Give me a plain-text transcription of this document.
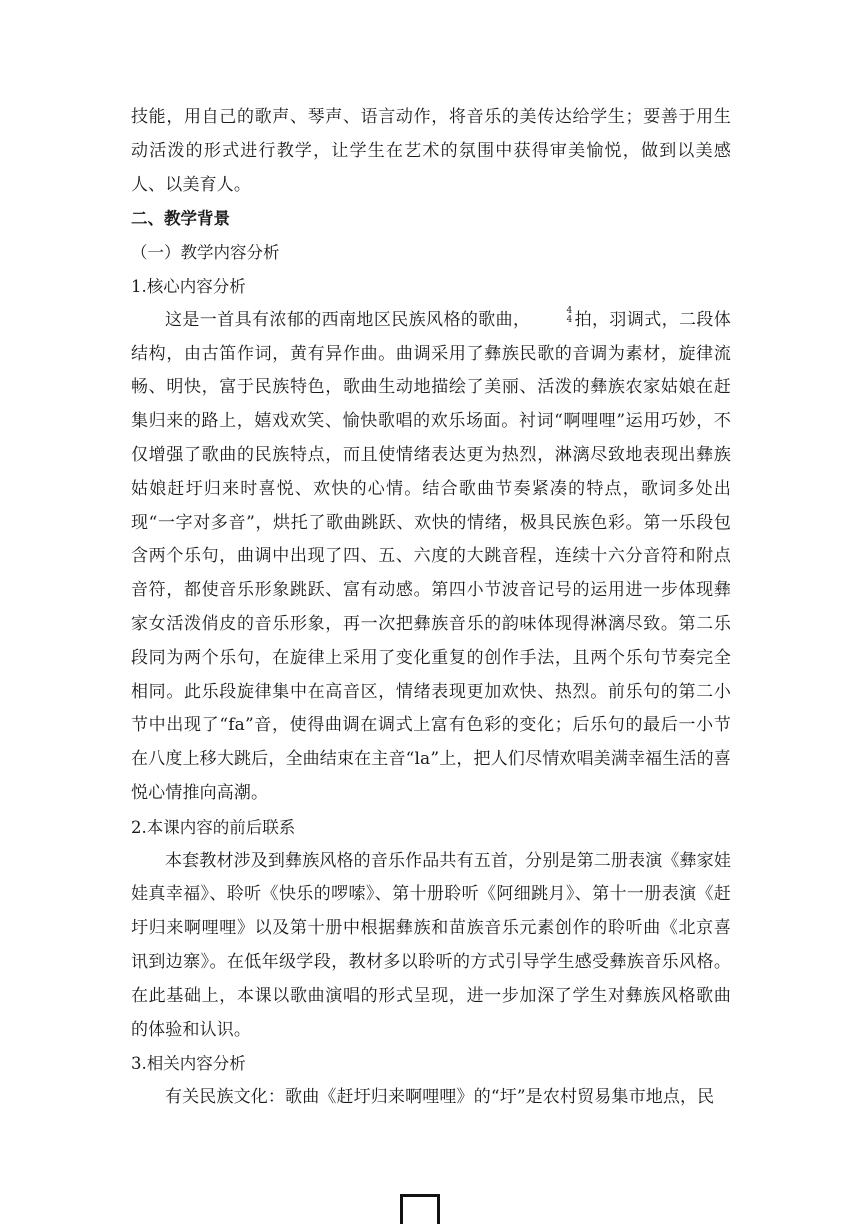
技能，用自己的歌声、琴声、语言动作，将音乐的美传达给学生；要善于用生动活泼的形式进行教学，让学生在艺术的氛围中获得审美愉悦，做到以美感人、以美育人。

二、教学背景

（一）教学内容分析

1.核心内容分析

这是一首具有浓郁的西南地区民族风格的歌曲，	4
4 拍，羽调式，二段体结构，由古笛作词，黄有异作曲。曲调采用了彝族民歌的音调为素材，旋律流畅、明快，富于民族特色，歌曲生动地描绘了美丽、活泼的彝族农家姑娘在赶集归来的路上，嬉戏欢笑、愉快歌唱的欢乐场面。衬词“啊哩哩”运用巧妙，不仅增强了歌曲的民族特点，而且使情绪表达更为热烈，淋漓尽致地表现出彝族姑娘赶圩归来时喜悦、欢快的心情。结合歌曲节奏紧凑的特点，歌词多处出现“一字对多音”，烘托了歌曲跳跃、欢快的情绪，极具民族色彩。第一乐段包含两个乐句，曲调中出现了四、五、六度的大跳音程，连续十六分音符和附点音符，都使音乐形象跳跃、富有动感。第四小节波音记号的运用进一步体现彝家女活泼俏皮的音乐形象，再一次把彝族音乐的韵味体现得淋漓尽致。第二乐段同为两个乐句，在旋律上采用了变化重复的创作手法，且两个乐句节奏完全相同。此乐段旋律集中在高音区，情绪表现更加欢快、热烈。前乐句的第二小节中出现了“fa”音，使得曲调在调式上富有色彩的变化；后乐句的最后一小节在八度上移大跳后，全曲结束在主音“la”上，把人们尽情欢唱美满幸福生活的喜悦心情推向高潮。

2.本课内容的前后联系

本套教材涉及到彝族风格的音乐作品共有五首，分别是第二册表演《彝家娃娃真幸福》、聆听《快乐的啰嗦》、第十册聆听《阿细跳月》、第十一册表演《赶圩归来啊哩哩》以及第十册中根据彝族和苗族音乐元素创作的聆听曲《北京喜讯到边寨》。在低年级学段，教材多以聆听的方式引导学生感受彝族音乐风格。在此基础上，本课以歌曲演唱的形式呈现，进一步加深了学生对彝族风格歌曲的体验和认识。

3.相关内容分析

有关民族文化：歌曲《赶圩归来啊哩哩》的“圩”是农村贸易集市地点，民
